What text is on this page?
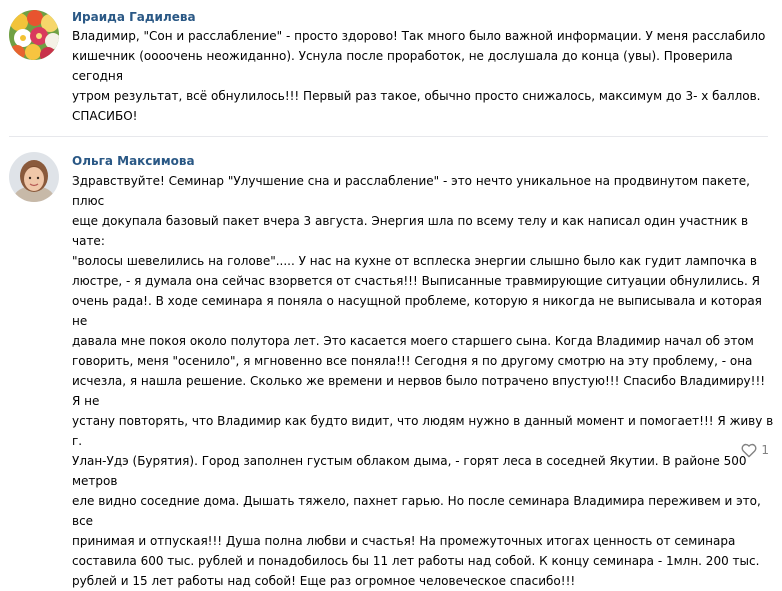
Ираида Гадилева

Владимир, "Сон и расслабление" - просто здорово! Так много было важной информации. У меня расслабило
кишечник (оооочень неожиданно). Уснула после проработок, не дослушала до конца (увы). Проверила сегодня
утром результат, всё обнулилось!!! Первый раз такое, обычно просто снижалось, максимум до 3- х баллов.
СПАСИБО!

Ольга Максимова

Здравствуйте! Семинар "Улучшение сна и расслабление" - это нечто уникальное на продвинутом пакете, плюс
еще докупала базовый пакет вчера 3 августа. Энергия шла по всему телу и как написал один участник в чате:
"волосы шевелились на голове"..... У нас на кухне от всплеска энергии слышно было как гудит лампочка в
люстре, - я думала она сейчас взорвется от счастья!!! Выписанные травмирующие ситуации обнулились. Я
очень рада!. В ходе семинара я поняла о насущной проблеме, которую я никогда не выписывала и которая не
давала мне покоя около полутора лет. Это касается моего старшего сына. Когда Владимир начал об этом
говорить, меня "осенило", я мгновенно все поняла!!! Сегодня я по другому смотрю на эту проблему, - она
исчезла, я нашла решение. Сколько же времени и нервов было потрачено впустую!!! Спасибо Владимиру!!! Я не
устану повторять, что Владимир как будто видит, что людям нужно в данный момент и помогает!!! Я живу в г.
Улан-Удэ (Бурятия). Город заполнен густым облаком дыма, - горят леса в соседней Якутии. В районе 500 метров
еле видно соседние дома. Дышать тяжело, пахнет гарью. Но после семинара Владимира переживем и это, все
принимая и отпуская!!! Душа полна любви и счастья! На промежуточных итогах ценность от семинара
составила 600 тыс. рублей и понадобилось бы 11 лет работы над собой. К концу семинара - 1млн. 200 тыс.
рублей и 15 лет работы над собой! Еще раз огромное человеческое спасибо!!!

1
